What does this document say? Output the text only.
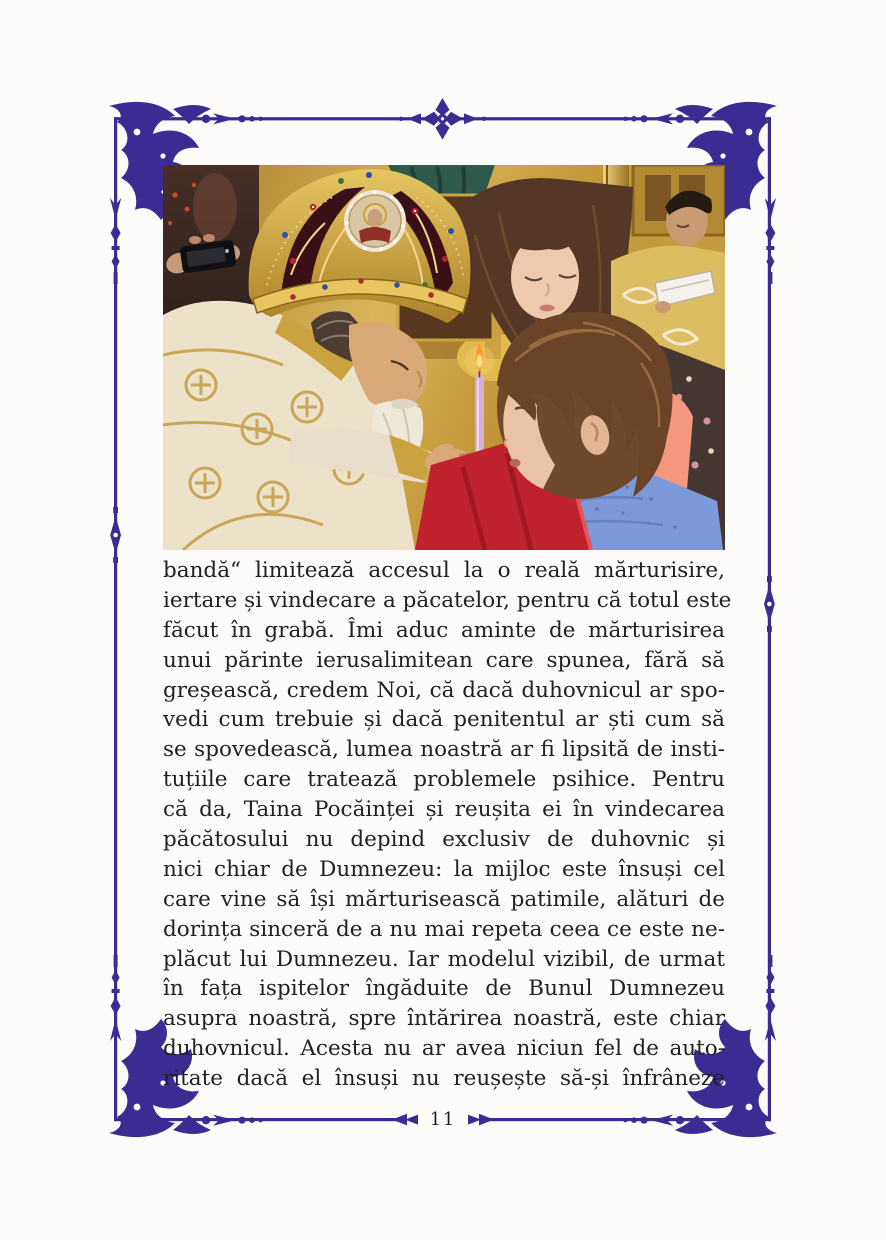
bandă“ limitează accesul la o reală mărturisire,
iertare și vindecare a păcatelor, pentru că totul este
făcut în grabă. Îmi aduc aminte de mărturisirea
unui părinte ierusalimitean care spunea, fără să
greșească, credem Noi, că dacă duhovnicul ar spo-
vedi cum trebuie și dacă penitentul ar ști cum să
se spovedească, lumea noastră ar fi lipsită de insti-
tuțiile care tratează problemele psihice. Pentru
că da, Taina Pocăinței și reușita ei în vindecarea
păcătosului nu depind exclusiv de duhovnic și
nici chiar de Dumnezeu: la mijloc este însuși cel
care vine să își mărturisească patimile, alături de
dorința sinceră de a nu mai repeta ceea ce este ne-
plăcut lui Dumnezeu. Iar modelul vizibil, de urmat
în fața ispitelor îngăduite de Bunul Dumnezeu
asupra noastră, spre întărirea noastră, este chiar
duhovnicul. Acesta nu ar avea niciun fel de auto-
ritate dacă el însuși nu reușește să-și înfrâneze
11
